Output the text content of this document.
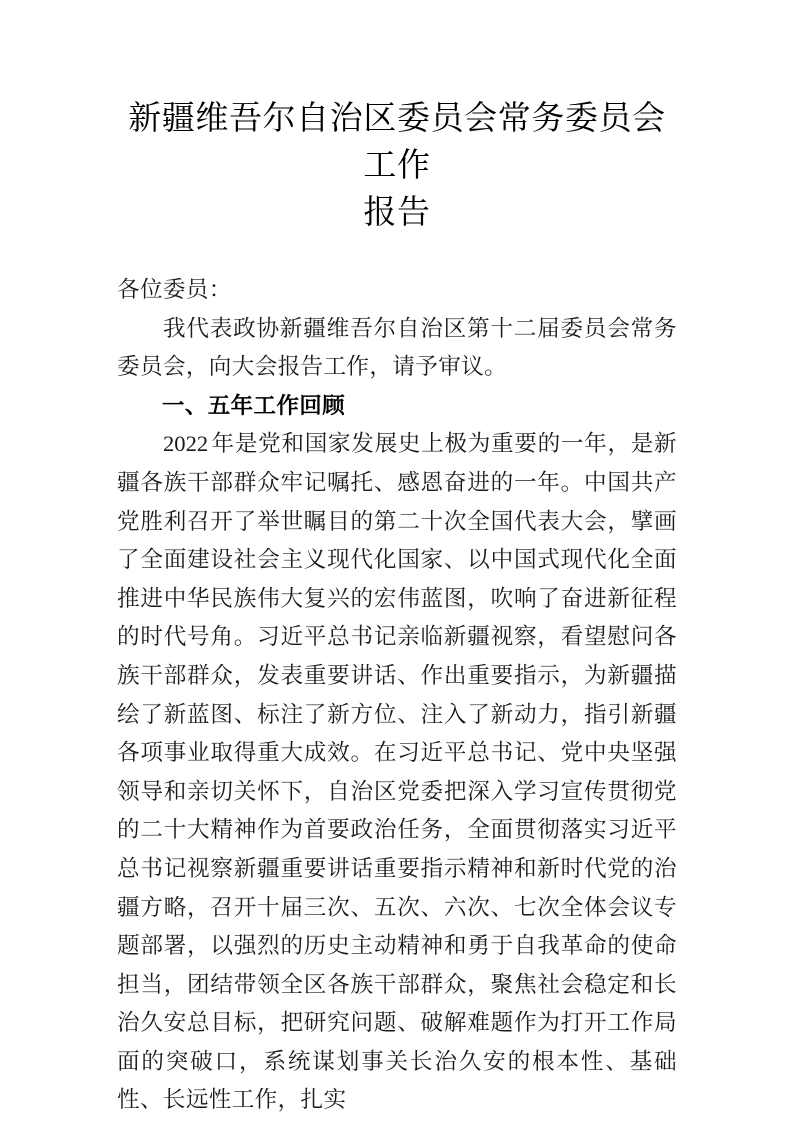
新疆维吾尔自治区委员会常务委员会工作
报告

各位委员：

我代表政协新疆维吾尔自治区第十二届委员会常务委员会，向大会报告工作，请予审议。

一、五年工作回顾

2022 年是党和国家发展史上极为重要的一年，是新疆各族干部群众牢记嘱托、感恩奋进的一年。中国共产党胜利召开了举世瞩目的第二十次全国代表大会，擘画了全面建设社会主义现代化国家、以中国式现代化全面推进中华民族伟大复兴的宏伟蓝图，吹响了奋进新征程的时代号角。习近平总书记亲临新疆视察，看望慰问各族干部群众，发表重要讲话、作出重要指示，为新疆描绘了新蓝图、标注了新方位、注入了新动力，指引新疆各项事业取得重大成效。在习近平总书记、党中央坚强领导和亲切关怀下，自治区党委把深入学习宣传贯彻党的二十大精神作为首要政治任务，全面贯彻落实习近平总书记视察新疆重要讲话重要指示精神和新时代党的治疆方略，召开十届三次、五次、六次、七次全体会议专题部署，以强烈的历史主动精神和勇于自我革命的使命担当，团结带领全区各族干部群众，聚焦社会稳定和长治久安总目标，把研究问题、破解难题作为打开工作局面的突破口，系统谋划事关长治久安的根本性、基础性、长远性工作，扎实
